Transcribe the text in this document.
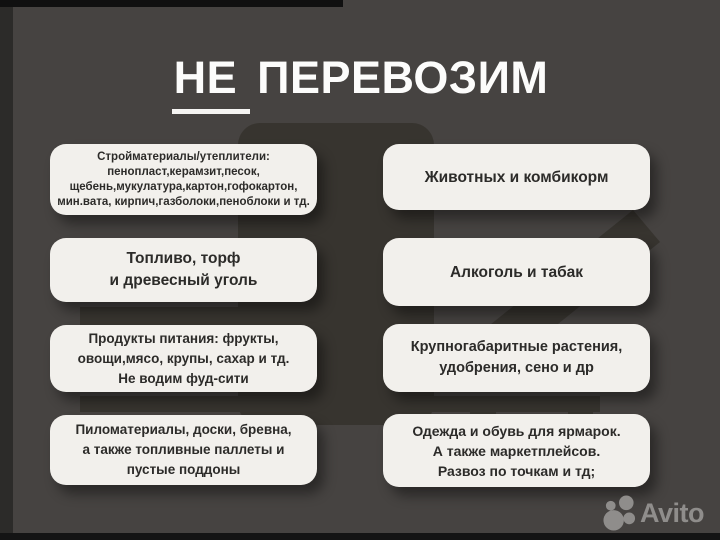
НЕ ПЕРЕВОЗИМ
Стройматериалы/утеплители:
пенопласт,керамзит,песок,
щебень,мукулатура,картон,гофокартон,
мин.вата, кирпич,газболоки,пеноблоки и тд.
Топливо, торф
и древесный уголь
Продукты питания: фрукты,
овощи,мясо, крупы, сахар и тд.
Не водим фуд-сити
Пиломатериалы, доски, бревна,
а также топливные паллеты и
пустые поддоны
Животных и комбикорм
Алкоголь и табак
Крупногабаритные растения,
удобрения, сено и др
Одежда и обувь для ярмарок.
А также маркетплейсов.
Развоз по точкам и тд;
Avito
